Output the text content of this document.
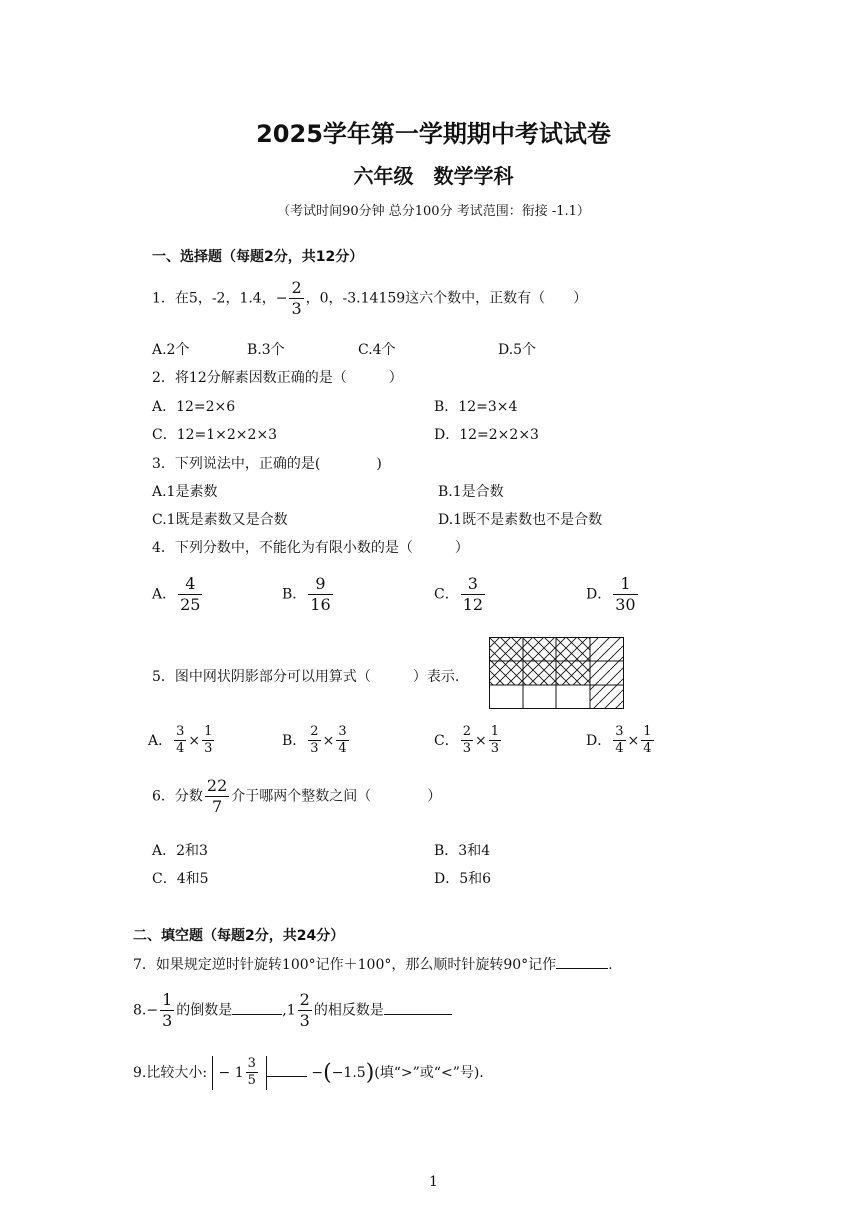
2025学年第一学期期中考试试卷
六年级　数学学科
（考试时间90分钟 总分100分 考试范围：衔接 -1.1）
一、选择题（每题2分，共12分）
1．在5，-2，1.4，− $\frac{2}{3}$ ，0，-3.14159这六个数中，正数有（　　）
A.2个	B.3个	C.4个	D.5个
2．将12分解素因数正确的是（　　　）
A．12=2×6	B．12=3×4
C．12=1×2×2×3	D．12=2×2×3
3．下列说法中，正确的是(　　　　)
A.1是素数	B.1是合数
C.1既是素数又是合数	D.1既不是素数也不是合数
4．下列分数中，不能化为有限小数的是（　　　）
A． $\frac{4}{25}$	B． $\frac{9}{16}$	C． $\frac{3}{12}$	D． $\frac{1}{30}$
5．图中网状阴影部分可以用算式（　　　）表示.
A． $\frac{3}{4} \times \frac{1}{3}$	B． $\frac{2}{3} \times \frac{3}{4}$	C． $\frac{2}{3} \times \frac{1}{3}$	D． $\frac{3}{4} \times \frac{1}{4}$
6．分数 $\frac{22}{7}$ 介于哪两个整数之间（　　　　）
A．2和3	B．3和4
C．4和5	D．5和6
二、填空题（每题2分，共24分）
7．如果规定逆时针旋转100°记作＋100°，那么顺时针旋转90°记作	.
$8.- \frac{1}{3}$ 的倒数是	$,1 \frac{2}{3}$ 的相反数是
9.比较大小: − $1 \frac{3}{5}$	−(−1.5)(填“>”或“<”号).
1
